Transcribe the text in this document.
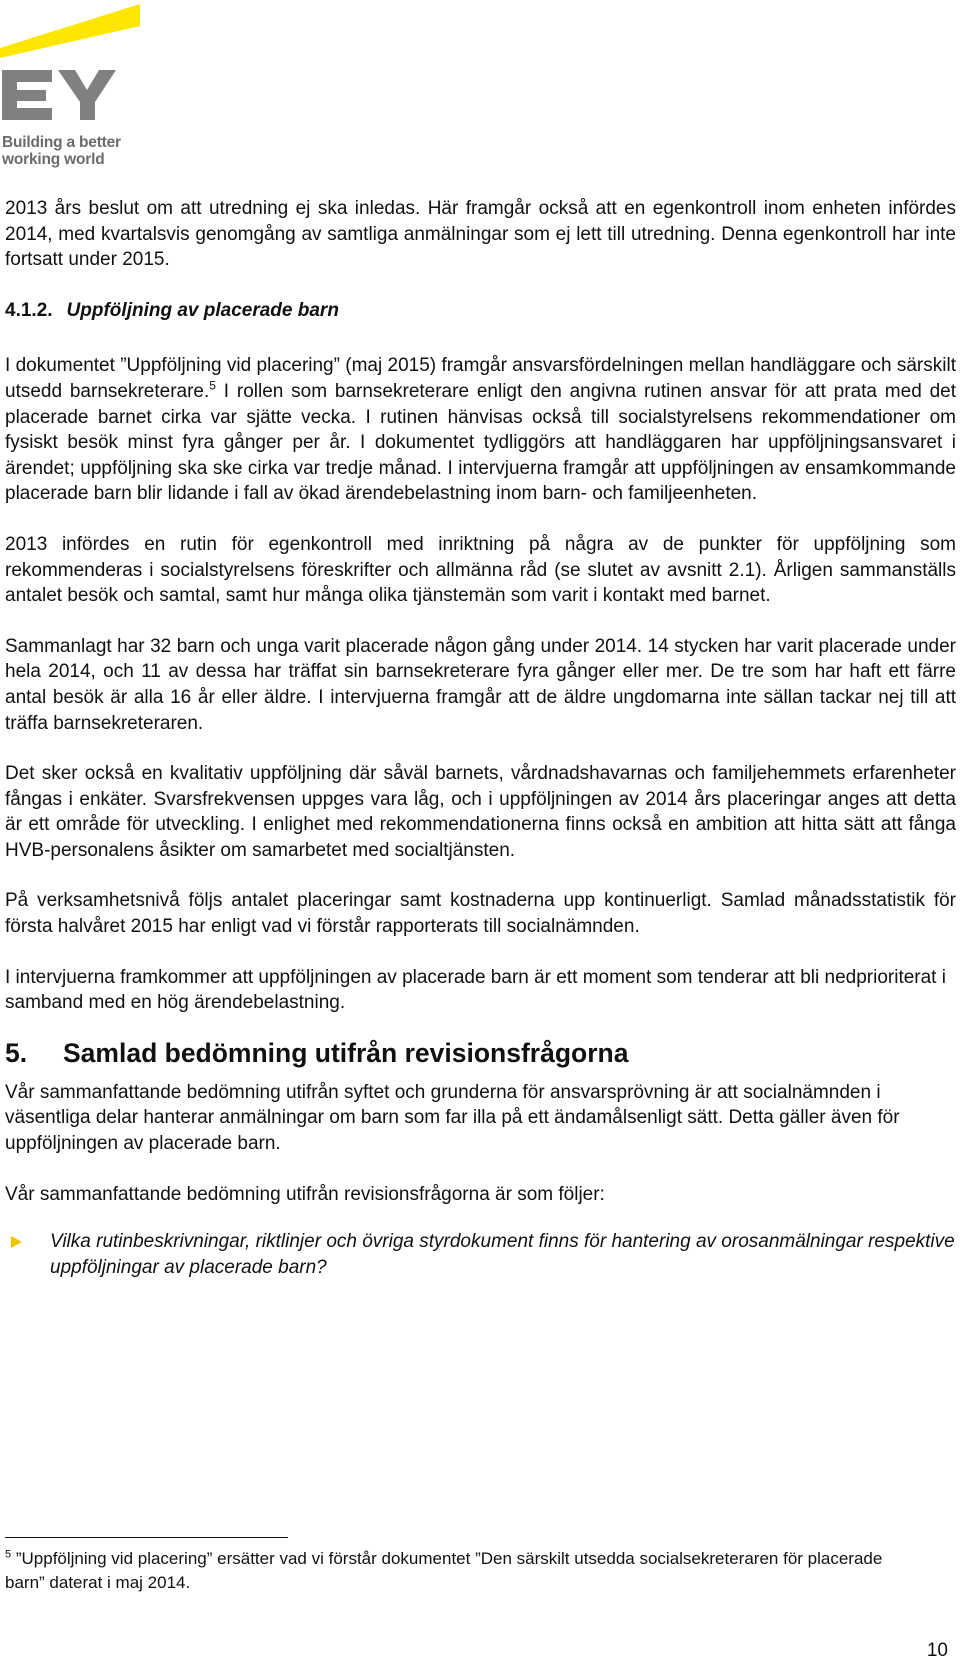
Building a better
working world

2013 års beslut om att utredning ej ska inledas. Här framgår också att en egenkontroll inom enheten infördes 2014, med kvartalsvis genomgång av samtliga anmälningar som ej lett till utredning. Denna egenkontroll har inte fortsatt under 2015.

4.1.2. Uppföljning av placerade barn

I dokumentet ”Uppföljning vid placering” (maj 2015) framgår ansvarsfördelningen mellan handläggare och särskilt utsedd barnsekreterare.$^5$ I rollen som barnsekreterare enligt den angivna rutinen ansvar för att prata med det placerade barnet cirka var sjätte vecka. I rutinen hänvisas också till socialstyrelsens rekommendationer om fysiskt besök minst fyra gånger per år. I dokumentet tydliggörs att handläggaren har uppföljningsansvaret i ärendet; uppföljning ska ske cirka var tredje månad. I intervjuerna framgår att uppföljningen av ensamkommande placerade barn blir lidande i fall av ökad ärendebelastning inom barn- och familjeenheten.

2013 infördes en rutin för egenkontroll med inriktning på några av de punkter för uppföljning som rekommenderas i socialstyrelsens föreskrifter och allmänna råd (se slutet av avsnitt 2.1). Årligen sammanställs antalet besök och samtal, samt hur många olika tjänstemän som varit i kontakt med barnet.

Sammanlagt har 32 barn och unga varit placerade någon gång under 2014. 14 stycken har varit placerade under hela 2014, och 11 av dessa har träffat sin barnsekreterare fyra gånger eller mer. De tre som har haft ett färre antal besök är alla 16 år eller äldre. I intervjuerna framgår att de äldre ungdomarna inte sällan tackar nej till att träffa barnsekreteraren.

Det sker också en kvalitativ uppföljning där såväl barnets, vårdnadshavarnas och familjehemmets erfarenheter fångas i enkäter. Svarsfrekvensen uppges vara låg, och i uppföljningen av 2014 års placeringar anges att detta är ett område för utveckling. I enlighet med rekommendationerna finns också en ambition att hitta sätt att fånga HVB-personalens åsikter om samarbetet med socialtjänsten.

På verksamhetsnivå följs antalet placeringar samt kostnaderna upp kontinuerligt. Samlad månadsstatistik för första halvåret 2015 har enligt vad vi förstår rapporterats till socialnämnden.

I intervjuerna framkommer att uppföljningen av placerade barn är ett moment som tenderar att bli nedprioriterat i samband med en hög ärendebelastning.

5. Samlad bedömning utifrån revisionsfrågorna

Vår sammanfattande bedömning utifrån syftet och grunderna för ansvarsprövning är att socialnämnden i väsentliga delar hanterar anmälningar om barn som far illa på ett ändamålsenligt sätt. Detta gäller även för uppföljningen av placerade barn.

Vår sammanfattande bedömning utifrån revisionsfrågorna är som följer:

Vilka rutinbeskrivningar, riktlinjer och övriga styrdokument finns för hantering av orosanmälningar respektive uppföljningar av placerade barn?
$^5$ ”Uppföljning vid placering” ersätter vad vi förstår dokumentet ”Den särskilt utsedda socialsekreteraren för placerade barn” daterat i maj 2014.
10
